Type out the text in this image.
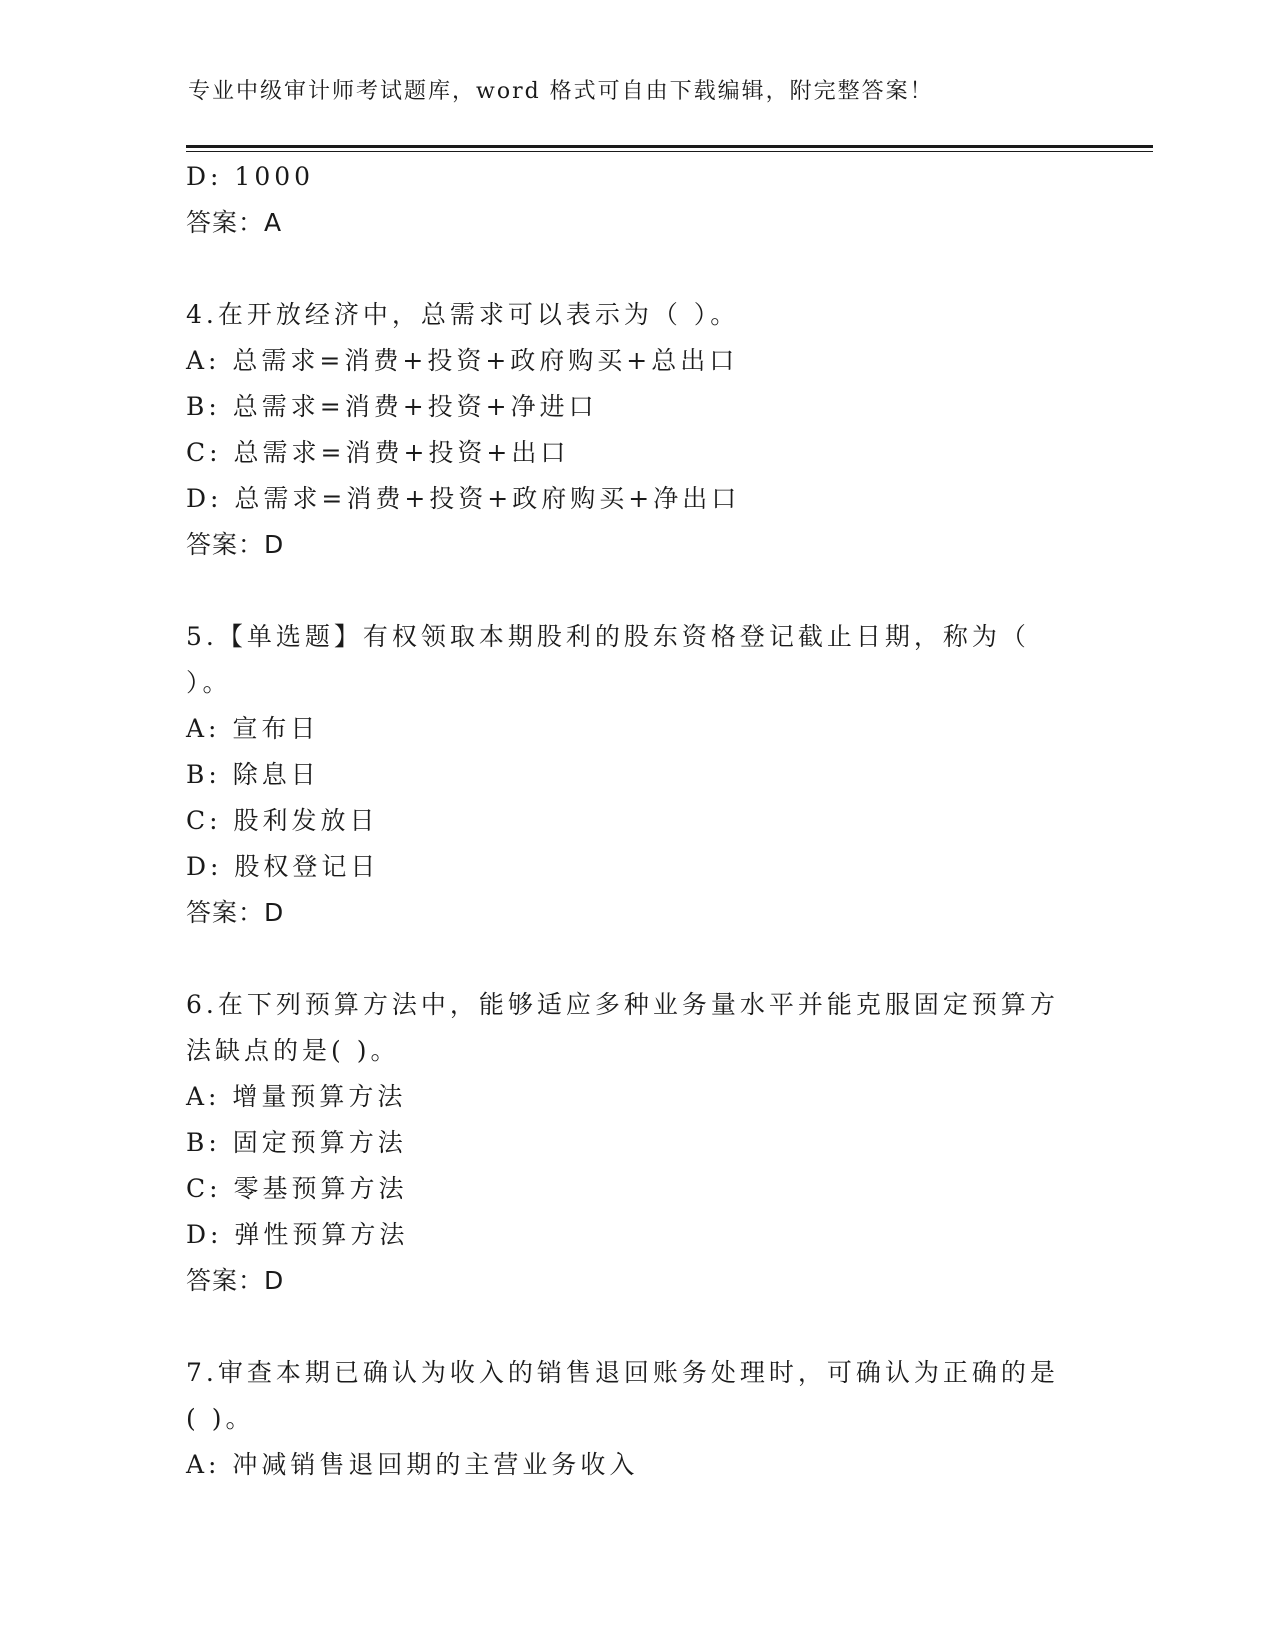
专业中级审计师考试题库，word 格式可自由下载编辑，附完整答案！
D: 1000
答案：A
4.在开放经济中，总需求可以表示为（ ）。
A: 总需求=消费+投资+政府购买+总出口
B: 总需求=消费+投资+净进口
C: 总需求=消费+投资+出口
D: 总需求=消费+投资+政府购买+净出口
答案：D
5.【单选题】有权领取本期股利的股东资格登记截止日期，称为（ ）。
A: 宣布日
B: 除息日
C: 股利发放日
D: 股权登记日
答案：D
6.在下列预算方法中，能够适应多种业务量水平并能克服固定预算方法缺点的是( )。
A: 增量预算方法
B: 固定预算方法
C: 零基预算方法
D: 弹性预算方法
答案：D
7.审查本期已确认为收入的销售退回账务处理时，可确认为正确的是( )。
A: 冲减销售退回期的主营业务收入
